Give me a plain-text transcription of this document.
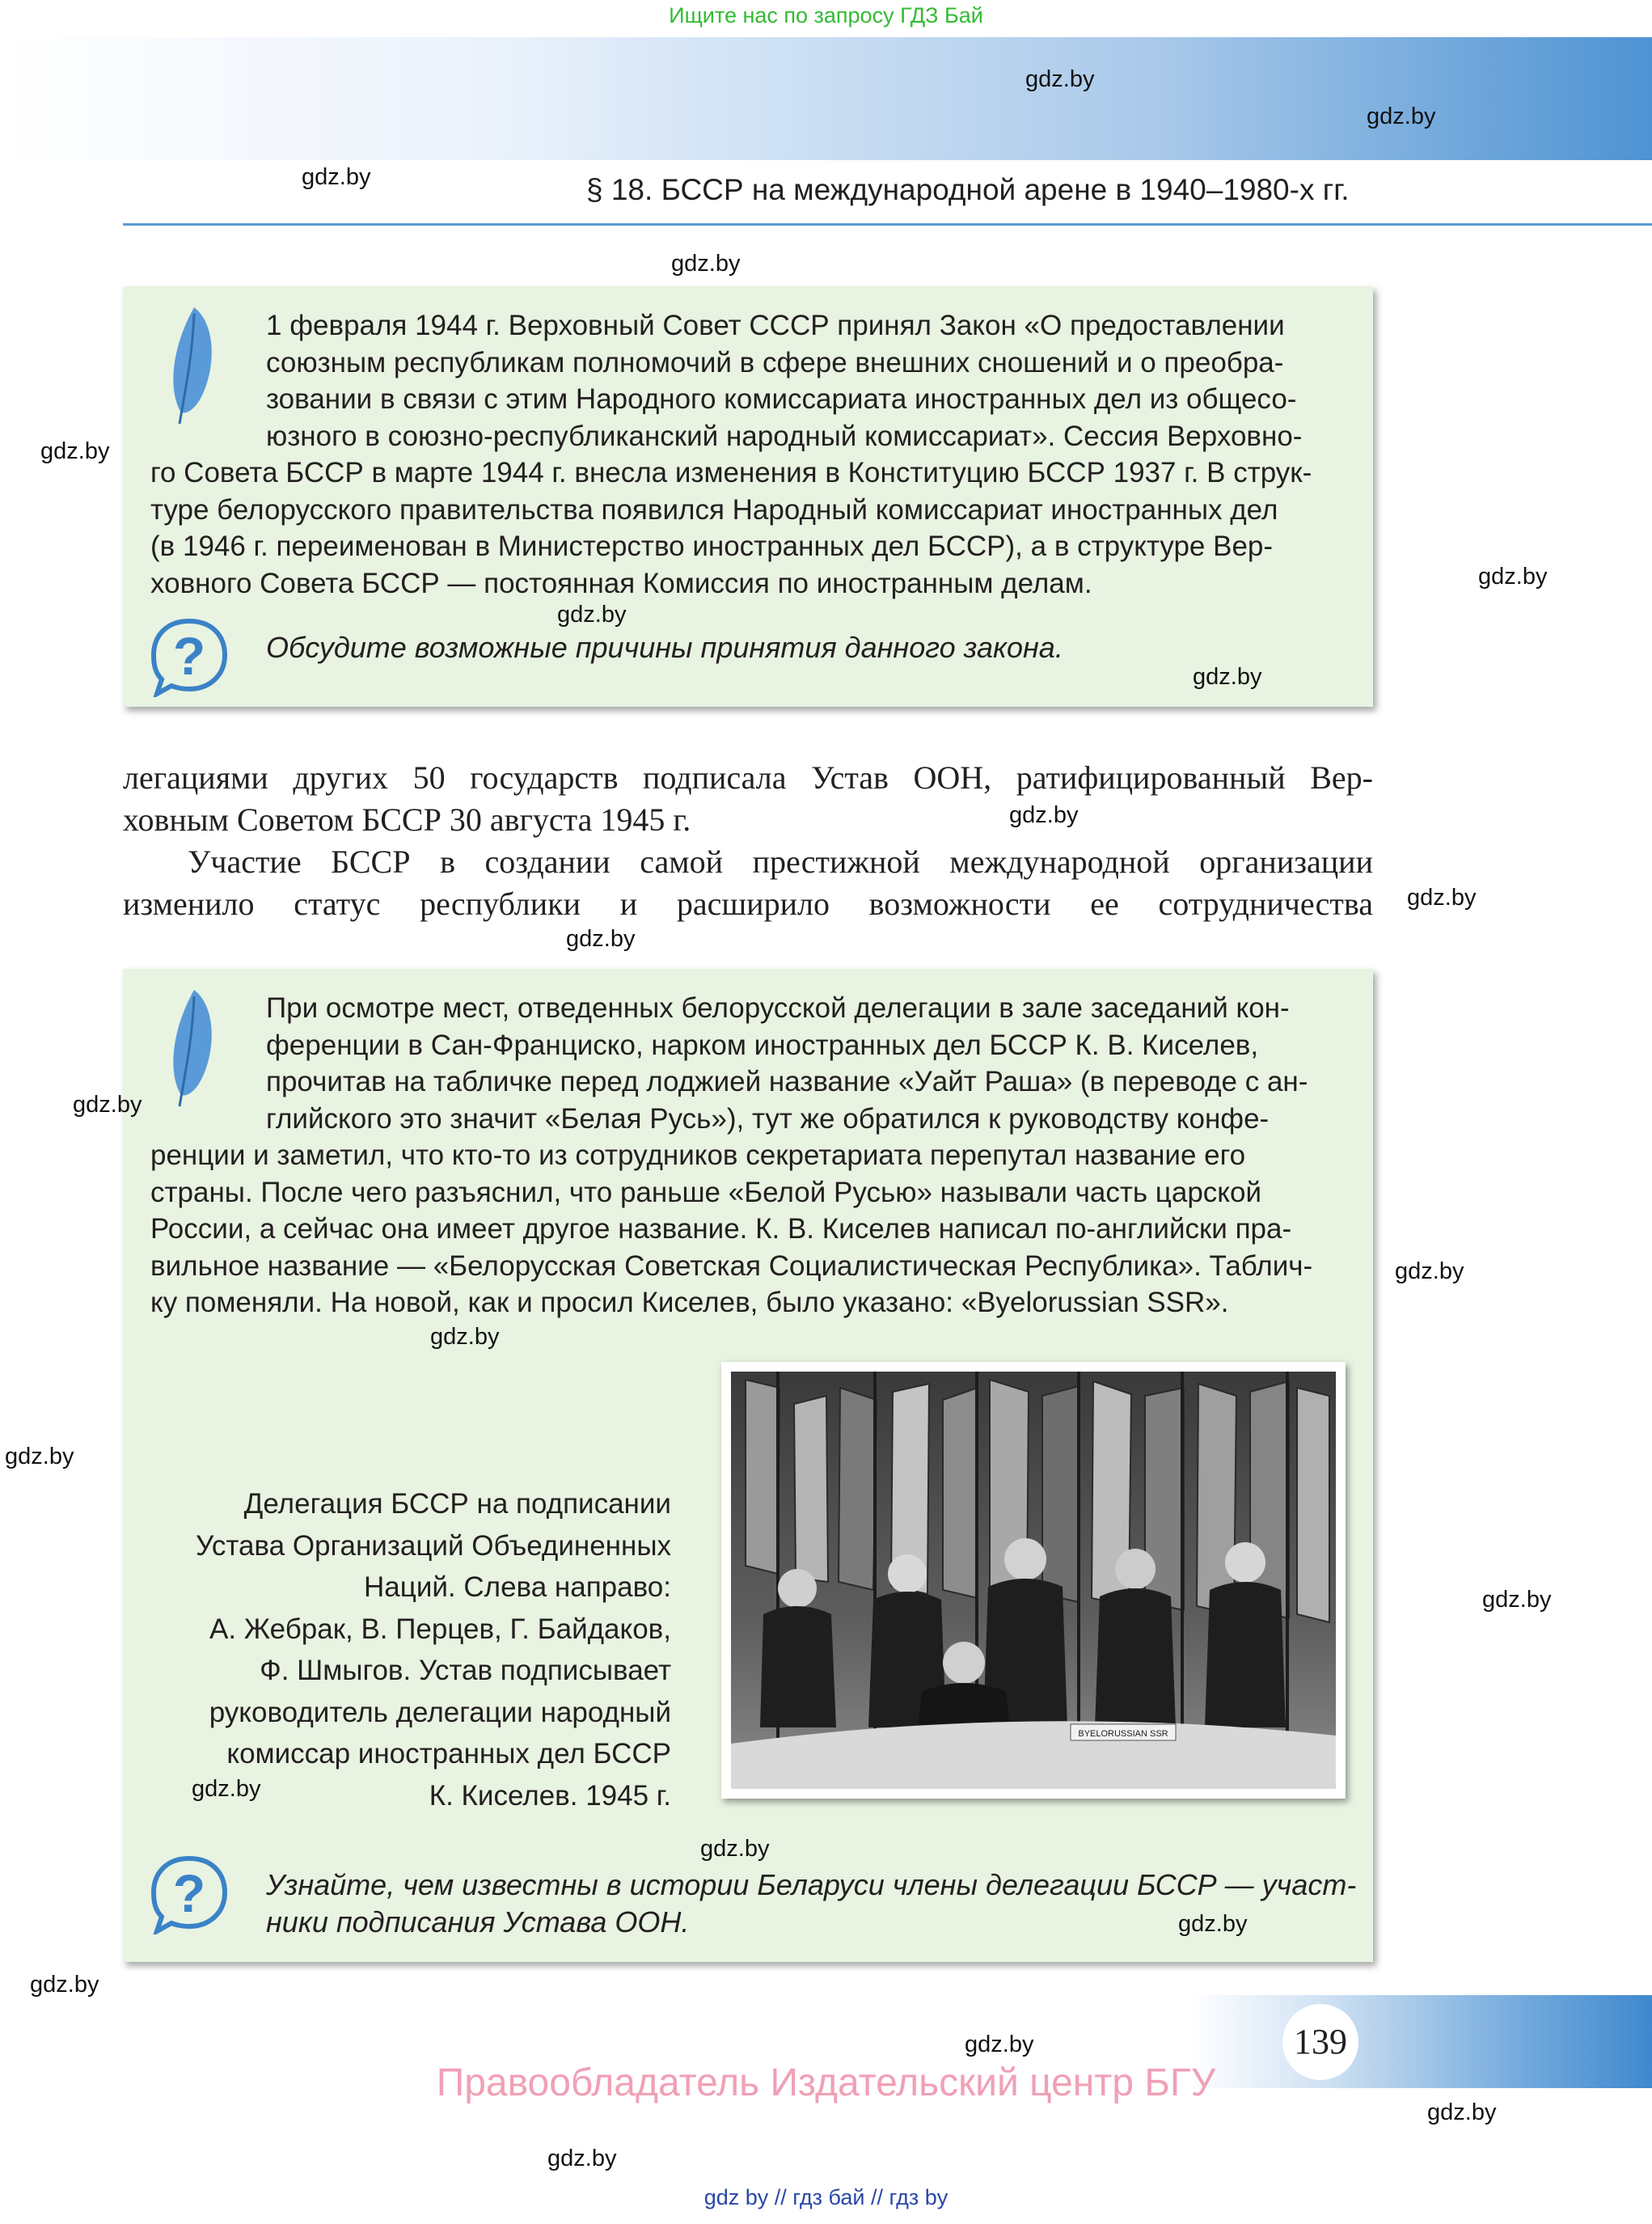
Ищите нас по запросу ГДЗ Бай
§ 18. БССР на международной арене в 1940–1980-х гг.
1 февраля 1944 г. Верховный Совет СССР принял Закон «О предоставлении
союзным республикам полномочий в сфере внешних сношений и о преобра-
зовании в связи с этим Народного комиссариата иностранных дел из общесо-
юзного в союзно-республиканский народный комиссариат». Сессия Верховно-
го Совета БССР в марте 1944 г. внесла изменения в Конституцию БССР 1937 г. В струк-
туре белорусского правительства появился Народный комиссариат иностранных дел
(в 1946 г. переименован в Министерство иностранных дел БССР), а в структуре Вер-
ховного Совета БССР — постоянная Комиссия по иностранным делам.
? Обсудите возможные причины принятия данного закона.
легациями других 50 государств подписала Устав ООН, ратифицированный Вер-
ховным Советом БССР 30 августа 1945 г.
Участие БССР в создании самой престижной международной организации
изменило статус республики и расширило возможности ее сотрудничества
При осмотре мест, отведенных белорусской делегации в зале заседаний кон-
ференции в Сан-Франциско, нарком иностранных дел БССР К. В. Киселев,
прочитав на табличке перед лоджией название «Уайт Раша» (в переводе с ан-
глийского это значит «Белая Русь»), тут же обратился к руководству конфе-
ренции и заметил, что кто-то из сотрудников секретариата перепутал название его
страны. После чего разъяснил, что раньше «Белой Русью» называли часть царской
России, а сейчас она имеет другое название. К. В. Киселев написал по-английски пра-
вильное название — «Белорусская Советская Социалистическая Республика». Таблич-
ку поменяли. На новой, как и просил Киселев, было указано: «Byelorussian SSR».
Делегация БССР на подписании
Устава Организаций Объединенных
Наций. Слева направо:
А. Жебрак, В. Перцев, Г. Байдаков,
Ф. Шмыгов. Устав подписывает
руководитель делегации народный
комиссар иностранных дел БССР
К. Киселев. 1945 г.
BYELORUSSIAN SSR
? Узнайте, чем известны в истории Беларуси члены делегации БССР — участ-
ники подписания Устава ООН.
gdz.by
gdz.by
gdz.by
gdz.by
gdz.by
gdz.by
gdz.by
gdz.by
gdz.by
gdz.by
gdz.by
gdz.by
gdz.by
gdz.by
gdz.by
gdz.by
gdz.by
gdz.by
gdz.by
gdz.by
gdz.by
gdz.by
gdz.by
139
Правообладатель Издательский центр БГУ
gdz by // гдз бай // гдз by
